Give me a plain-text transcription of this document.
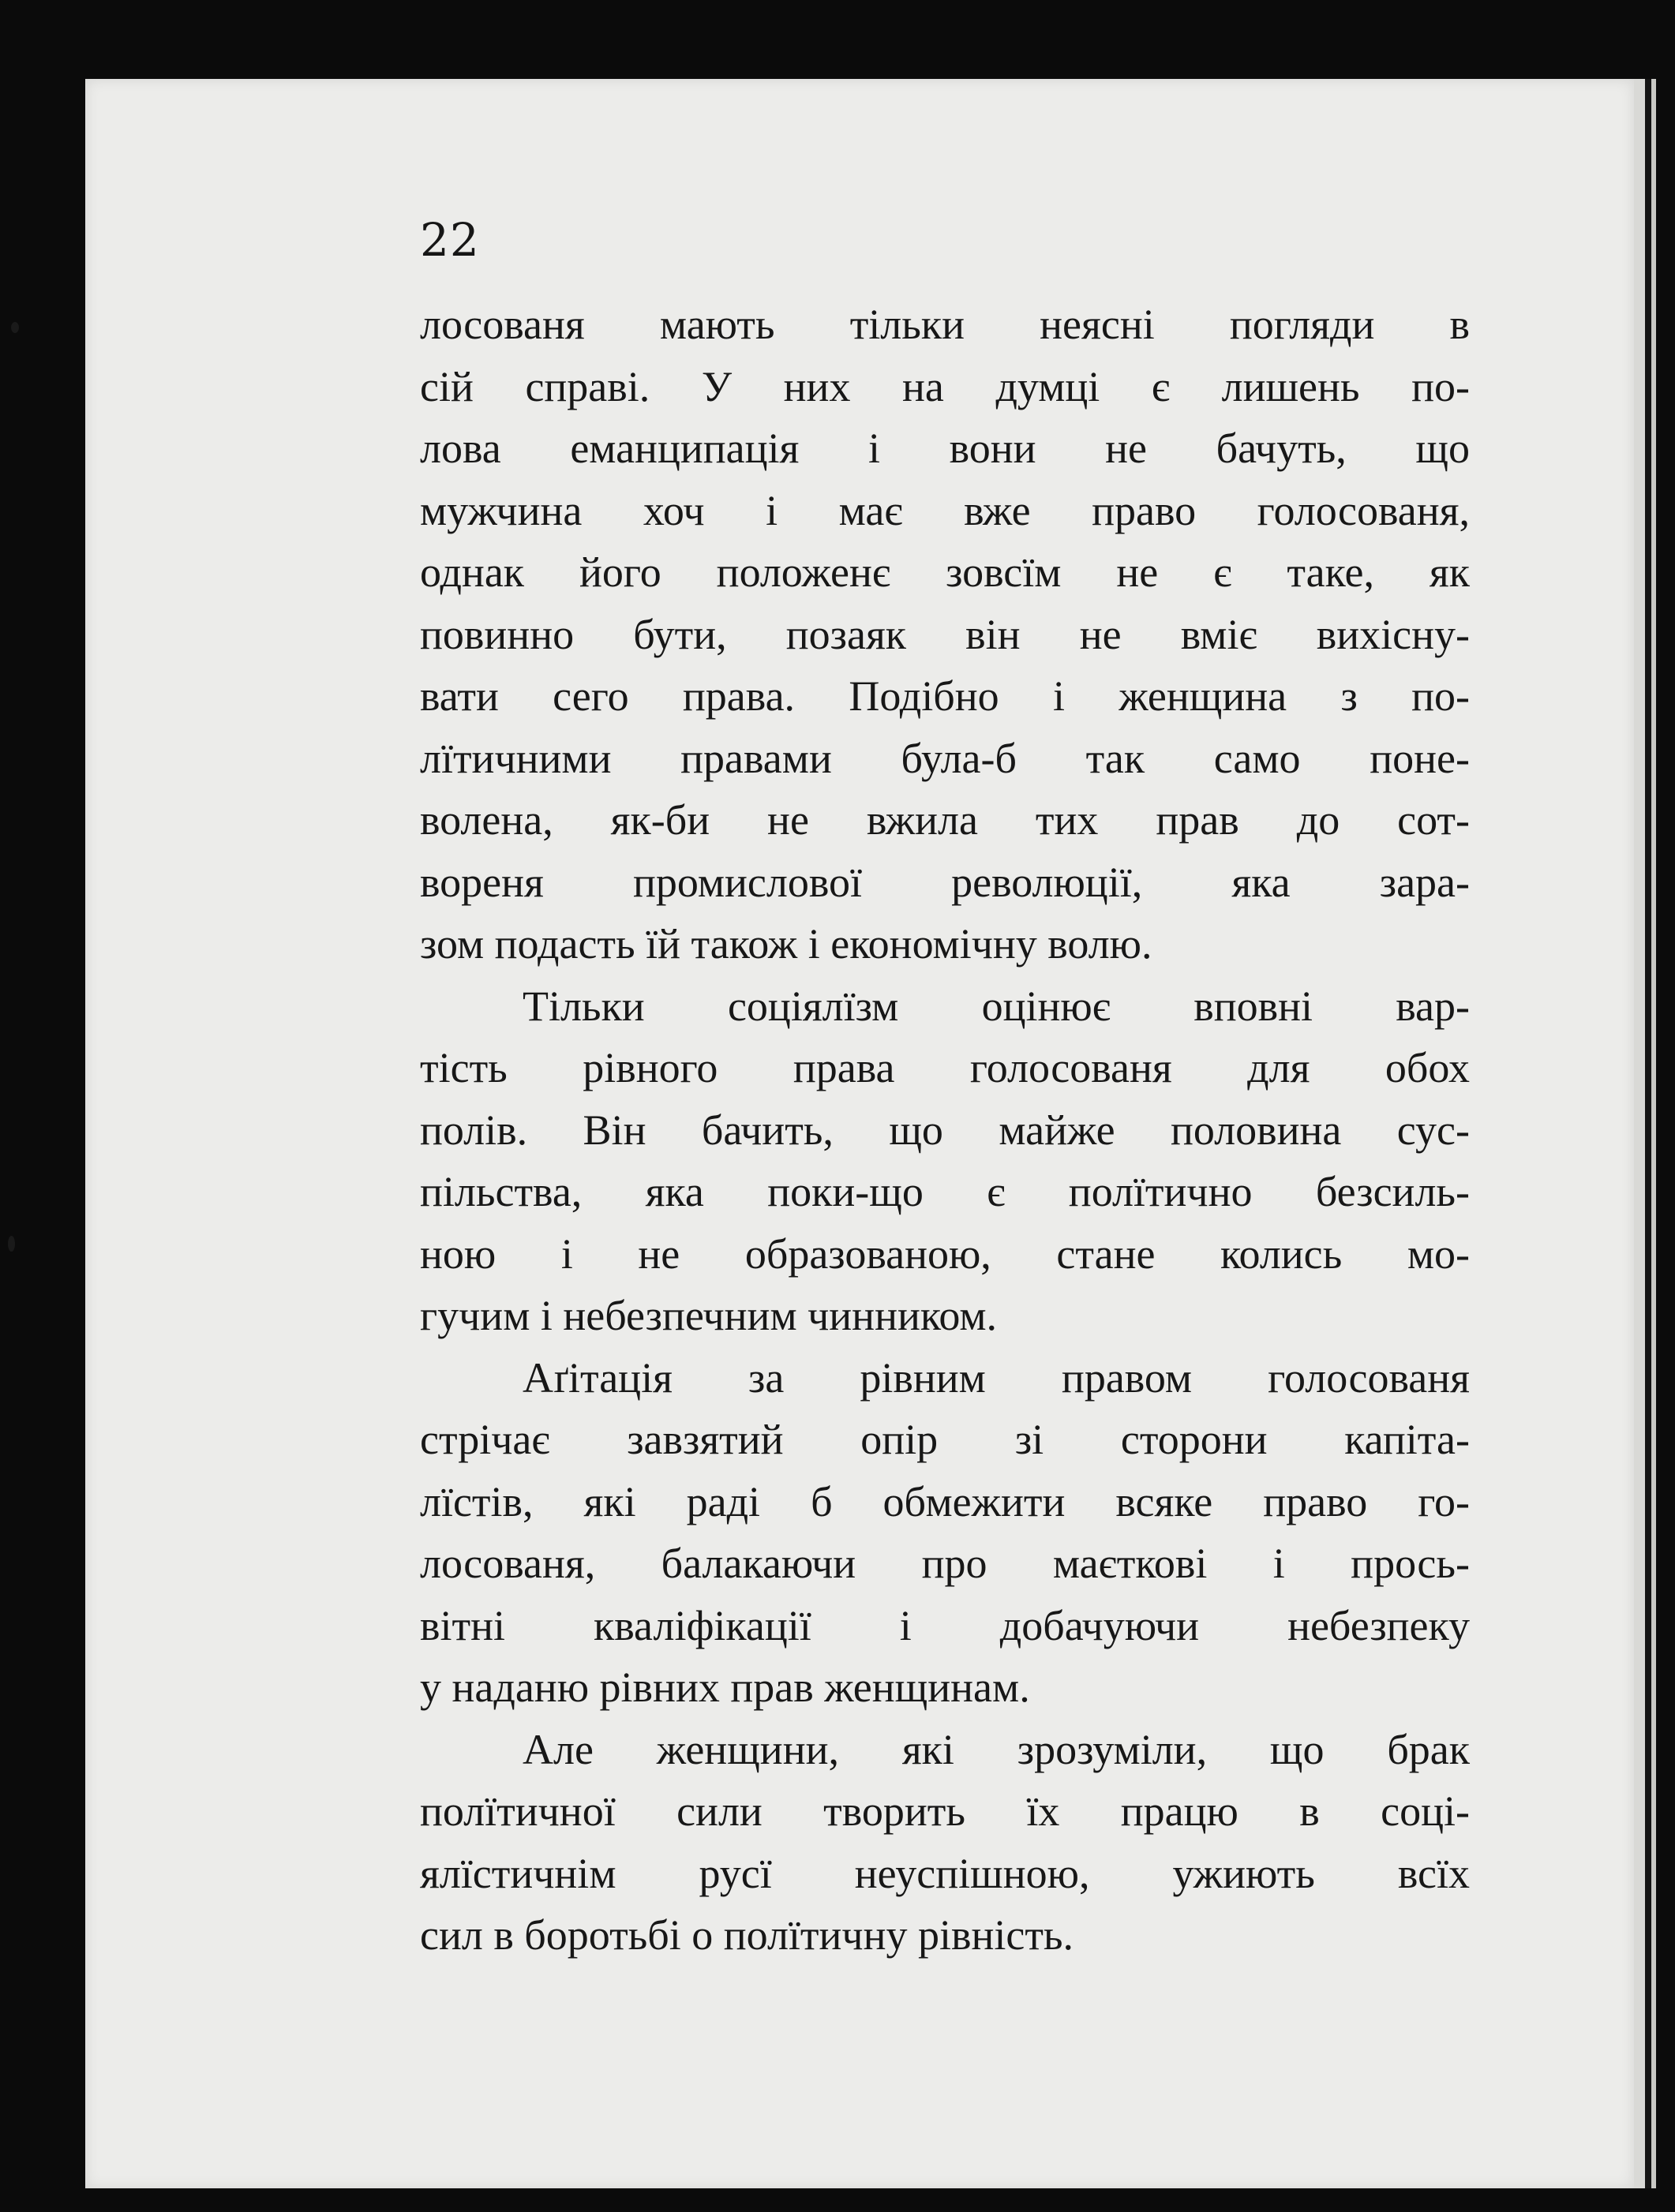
22
лосованя мають тільки неясні погляди в
сій справі. У них на думці є лишень по-
лова еманципація і вони не бачуть, що
мужчина хоч і має вже право голосованя,
однак його положенє зовсїм не є таке, як
повинно бути, позаяк він не вміє вихісну-
вати сего права. Подібно і женщина з по-
лїтичними правами була-б так само поне-
волена, як-би не вжила тих прав до сот-
вореня промислової революції, яка зара-
зом подасть їй також і економічну волю.
Тільки соціялїзм оцінює вповні вар-
тість рівного права голосованя для обох
полів. Він бачить, що майже половина сус-
пільства, яка поки-що є полїтично безсиль-
ною і не образованою, стане колись мо-
гучим і небезпечним чинником.
Аґітація за рівним правом голосованя
стрічає завзятий опір зі сторони капіта-
лїстів, які раді б обмежити всяке право го-
лосованя, балакаючи про маєткові і прось-
вітні кваліфікації і добачуючи небезпеку
у наданю рівних прав женщинам.
Але женщини, які зрозуміли, що брак
полїтичної сили творить їх працю в соці-
ялїстичнім русї неуспішною, ужиють всїх
сил в боротьбі о полїтичну рівність.
